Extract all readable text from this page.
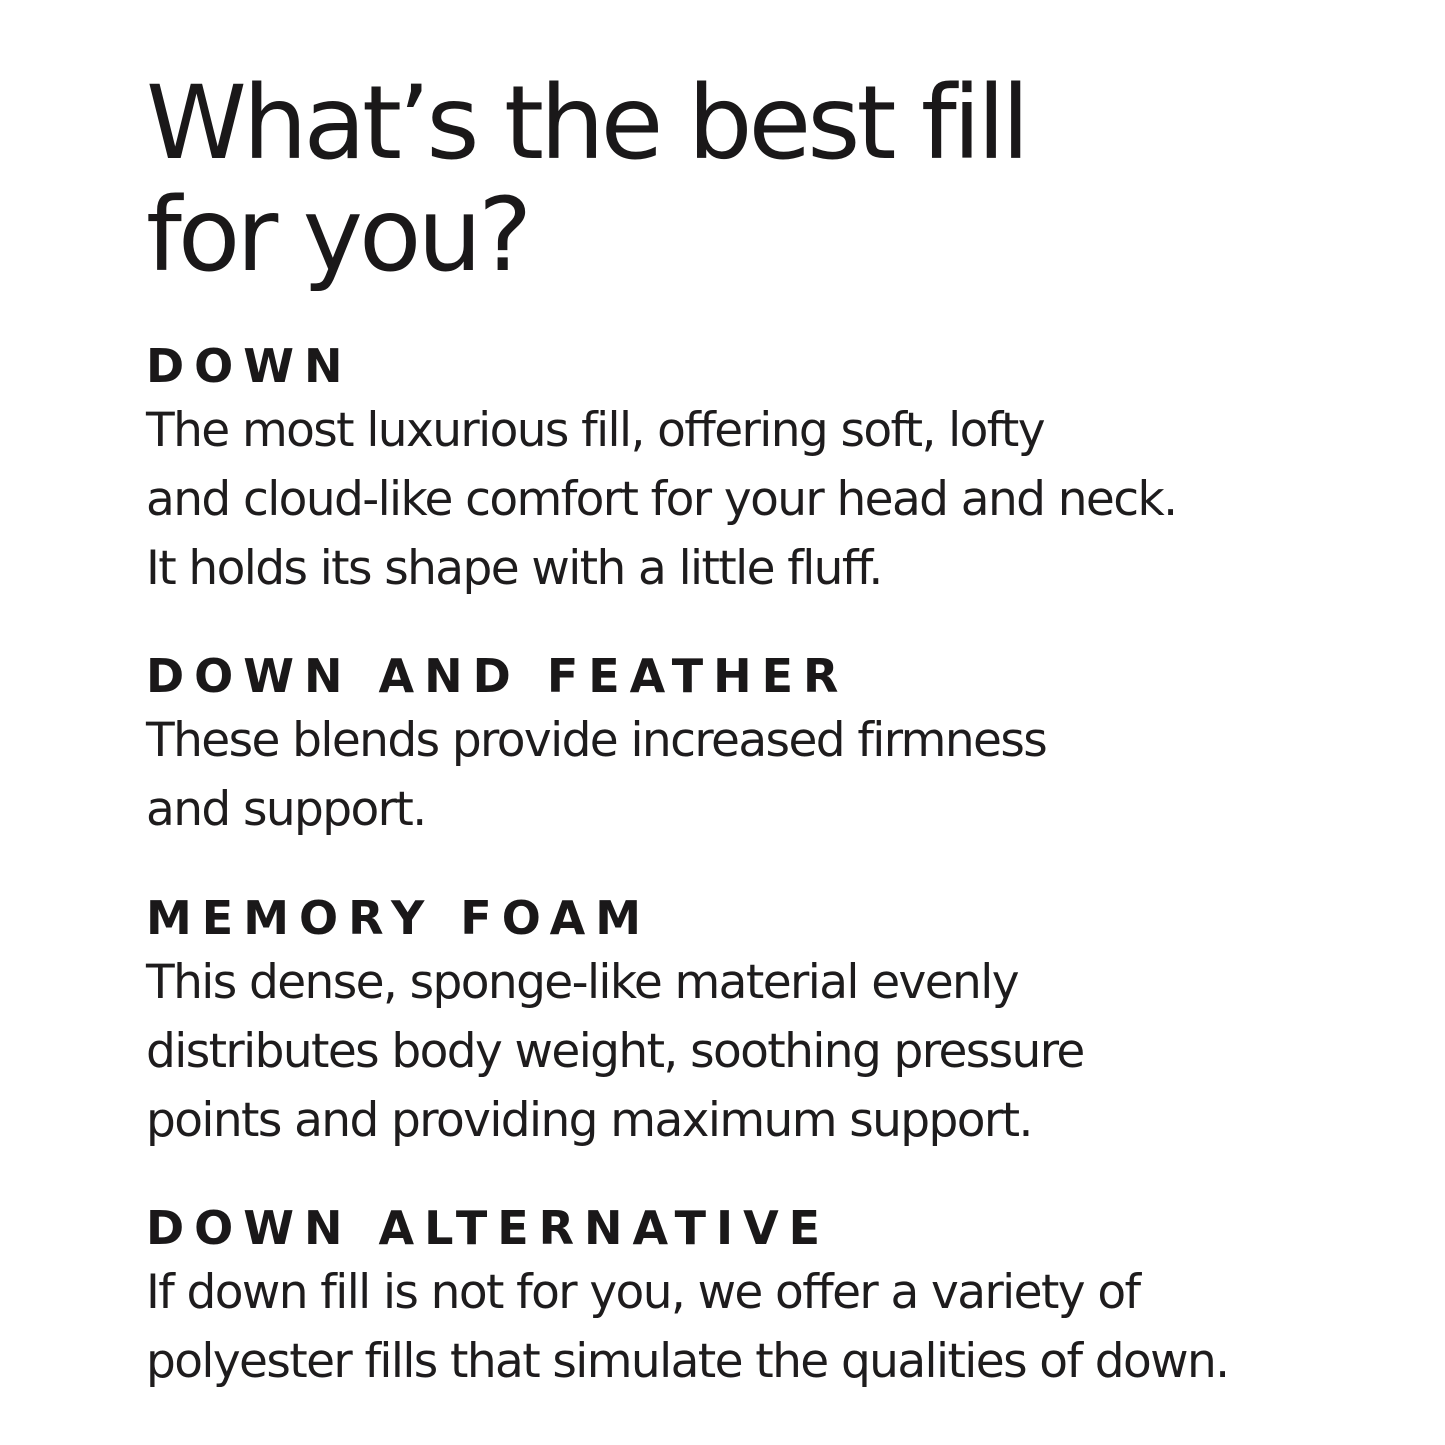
What’s the best fill
for you?
DOWN

The most luxurious fill, offering soft, lofty
and cloud-like comfort for your head and neck.
It holds its shape with a little fluff.

DOWN AND FEATHER

These blends provide increased firmness
and support.

MEMORY FOAM

This dense, sponge-like material evenly
distributes body weight, soothing pressure
points and providing maximum support.

DOWN ALTERNATIVE

If down fill is not for you, we offer a variety of
polyester fills that simulate the qualities of down.
